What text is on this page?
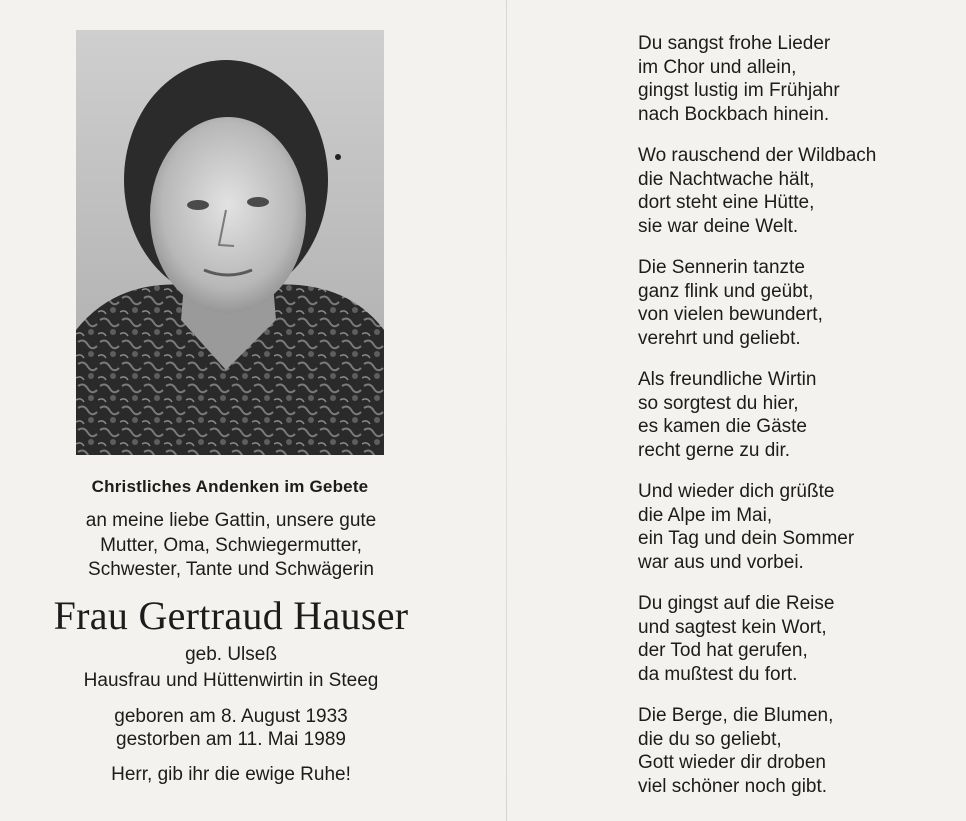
Christliches Andenken im Gebete
an meine liebe Gattin, unsere gute
Mutter, Oma, Schwiegermutter,
Schwester, Tante und Schwägerin
Frau Gertraud Hauser
geb. Ulseß
Hausfrau und Hüttenwirtin in Steeg
geboren am 8. August 1933
gestorben am 11. Mai 1989
Herr, gib ihr die ewige Ruhe!
Du sangst frohe Lieder
im Chor und allein,
gingst lustig im Frühjahr
nach Bockbach hinein.
Wo rauschend der Wildbach
die Nachtwache hält,
dort steht eine Hütte,
sie war deine Welt.
Die Sennerin tanzte
ganz flink und geübt,
von vielen bewundert,
verehrt und geliebt.
Als freundliche Wirtin
so sorgtest du hier,
es kamen die Gäste
recht gerne zu dir.
Und wieder dich grüßte
die Alpe im Mai,
ein Tag und dein Sommer
war aus und vorbei.
Du gingst auf die Reise
und sagtest kein Wort,
der Tod hat gerufen,
da mußtest du fort.
Die Berge, die Blumen,
die du so geliebt,
Gott wieder dir droben
viel schöner noch gibt.
